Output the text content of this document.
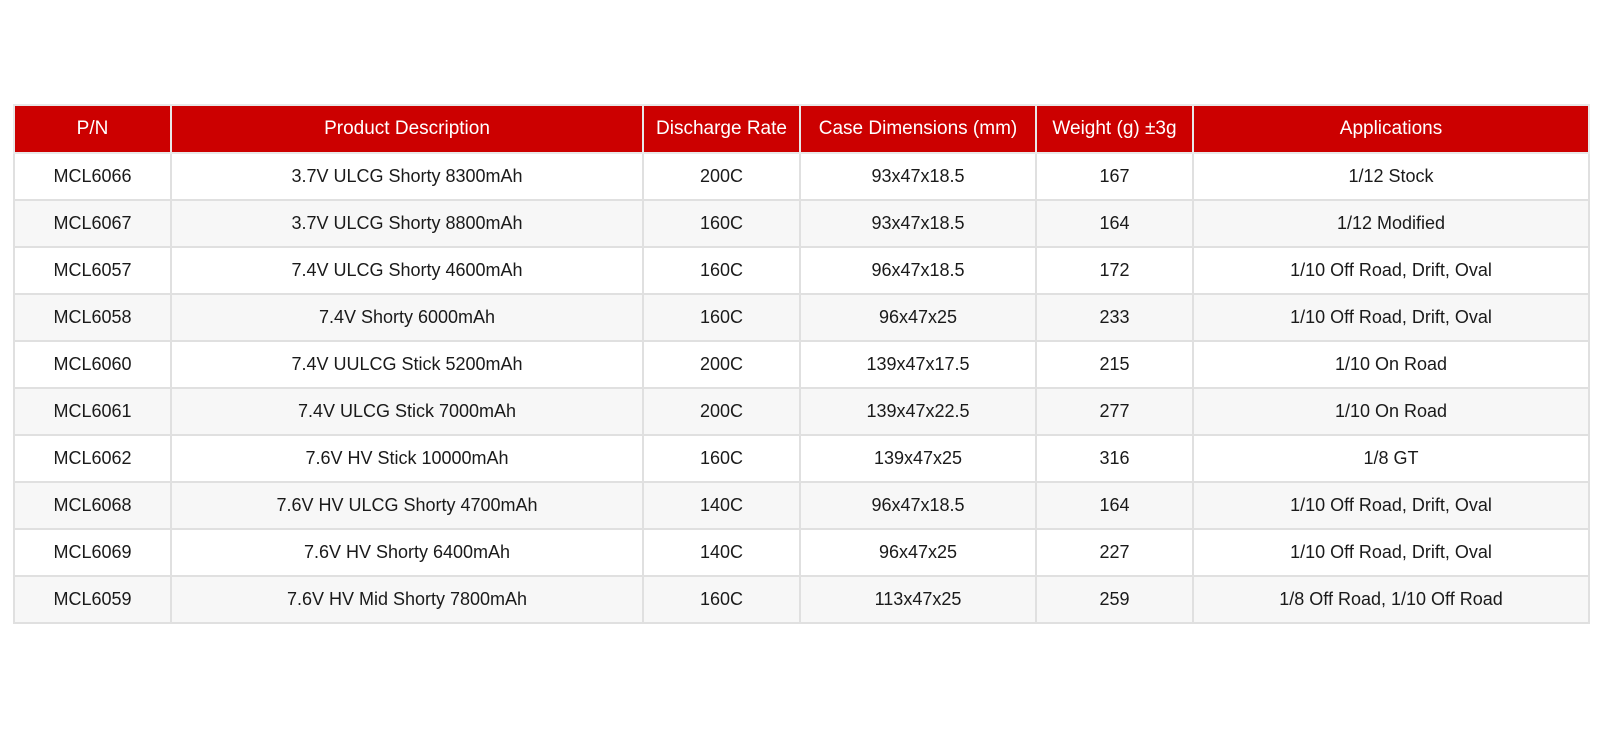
P/N	Product Description	Discharge Rate	Case Dimensions (mm)	Weight (g) ±3g	Applications
MCL6066	3.7V ULCG Shorty 8300mAh	200C	93x47x18.5	167	1/12 Stock
MCL6067	3.7V ULCG Shorty 8800mAh	160C	93x47x18.5	164	1/12 Modified
MCL6057	7.4V ULCG Shorty 4600mAh	160C	96x47x18.5	172	1/10 Off Road, Drift, Oval
MCL6058	7.4V Shorty 6000mAh	160C	96x47x25	233	1/10 Off Road, Drift, Oval
MCL6060	7.4V UULCG Stick 5200mAh	200C	139x47x17.5	215	1/10 On Road
MCL6061	7.4V ULCG Stick 7000mAh	200C	139x47x22.5	277	1/10 On Road
MCL6062	7.6V HV Stick 10000mAh	160C	139x47x25	316	1/8 GT
MCL6068	7.6V HV ULCG Shorty 4700mAh	140C	96x47x18.5	164	1/10 Off Road, Drift, Oval
MCL6069	7.6V HV Shorty 6400mAh	140C	96x47x25	227	1/10 Off Road, Drift, Oval
MCL6059	7.6V HV Mid Shorty 7800mAh	160C	113x47x25	259	1/8 Off Road, 1/10 Off Road
